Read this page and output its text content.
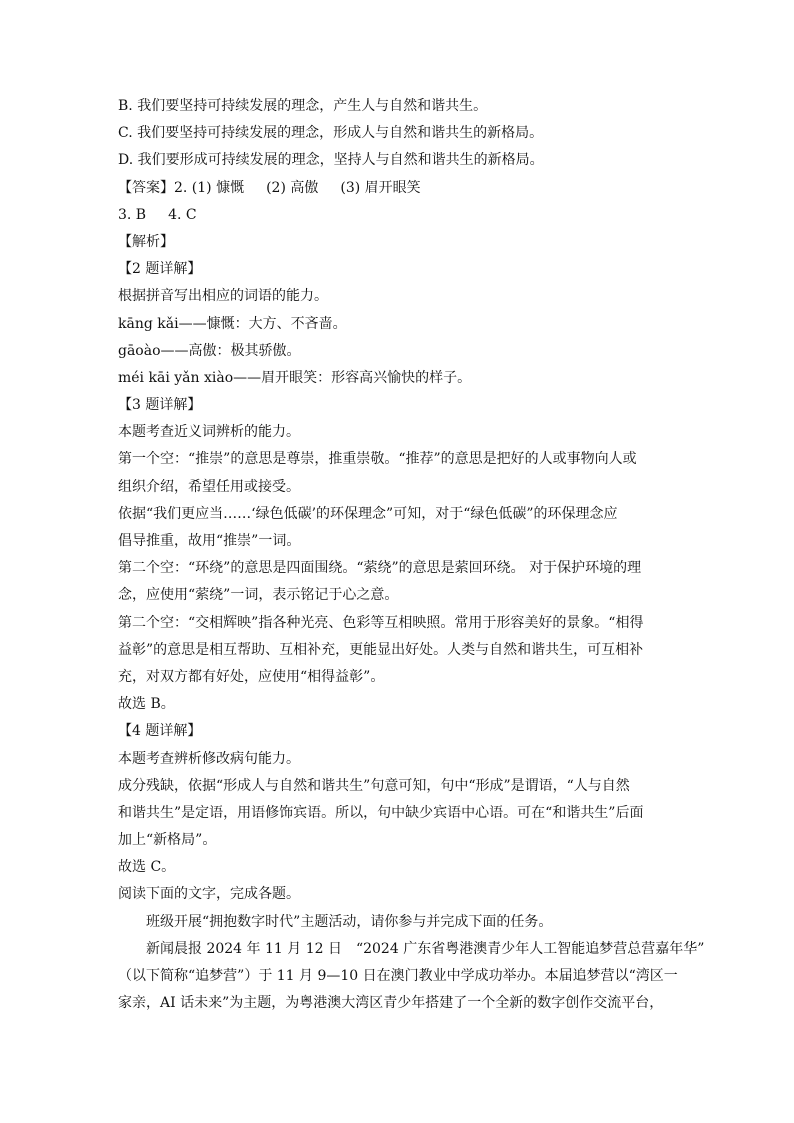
B. 我们要坚持可持续发展的理念，产生人与自然和谐共生。
C. 我们要坚持可持续发展的理念，形成人与自然和谐共生的新格局。
D. 我们要形成可持续发展的理念，坚持人与自然和谐共生的新格局。
【答案】2. (1) 慷慨 (2) 高傲 (3) 眉开眼笑
3. B 4. C
【解析】
【2 题详解】
根据拼音写出相应的词语的能力。
kāng kǎi——慷慨：大方、不吝啬。
gāoào——高傲：极其骄傲。
méi kāi yǎn xiào——眉开眼笑：形容高兴愉快的样子。
【3 题详解】
本题考查近义词辨析的能力。
第一个空：“推崇”的意思是尊崇，推重崇敬。“推荐”的意思是把好的人或事物向人或
组织介绍，希望任用或接受。
依据“我们更应当……‘绿色低碳’的环保理念”可知，对于“绿色低碳”的环保理念应
倡导推重，故用“推崇”一词。
第二个空：“环绕”的意思是四面围绕。“萦绕”的意思是萦回环绕。 对于保护环境的理
念，应使用“萦绕”一词，表示铭记于心之意。
第二个空：“交相辉映”指各种光亮、色彩等互相映照。常用于形容美好的景象。“相得
益彰”的意思是相互帮助、互相补充，更能显出好处。人类与自然和谐共生，可互相补
充，对双方都有好处，应使用“相得益彰”。
故选 B。
【4 题详解】
本题考查辨析修改病句能力。
成分残缺，依据“形成人与自然和谐共生”句意可知，句中“形成”是谓语，“人与自然
和谐共生”是定语，用语修饰宾语。所以，句中缺少宾语中心语。可在“和谐共生”后面
加上“新格局”。
故选 C。
阅读下面的文字，完成各题。
班级开展“拥抱数字时代”主题活动，请你参与并完成下面的任务。
新闻晨报 2024 年 11 月 12 日　“2024 广东省粤港澳青少年人工智能追梦营总营嘉年华”
（以下简称“追梦营”）于 11 月 9—10 日在澳门教业中学成功举办。本届追梦营以“湾区一
家亲，AI 话未来”为主题，为粤港澳大湾区青少年搭建了一个全新的数字创作交流平台，
